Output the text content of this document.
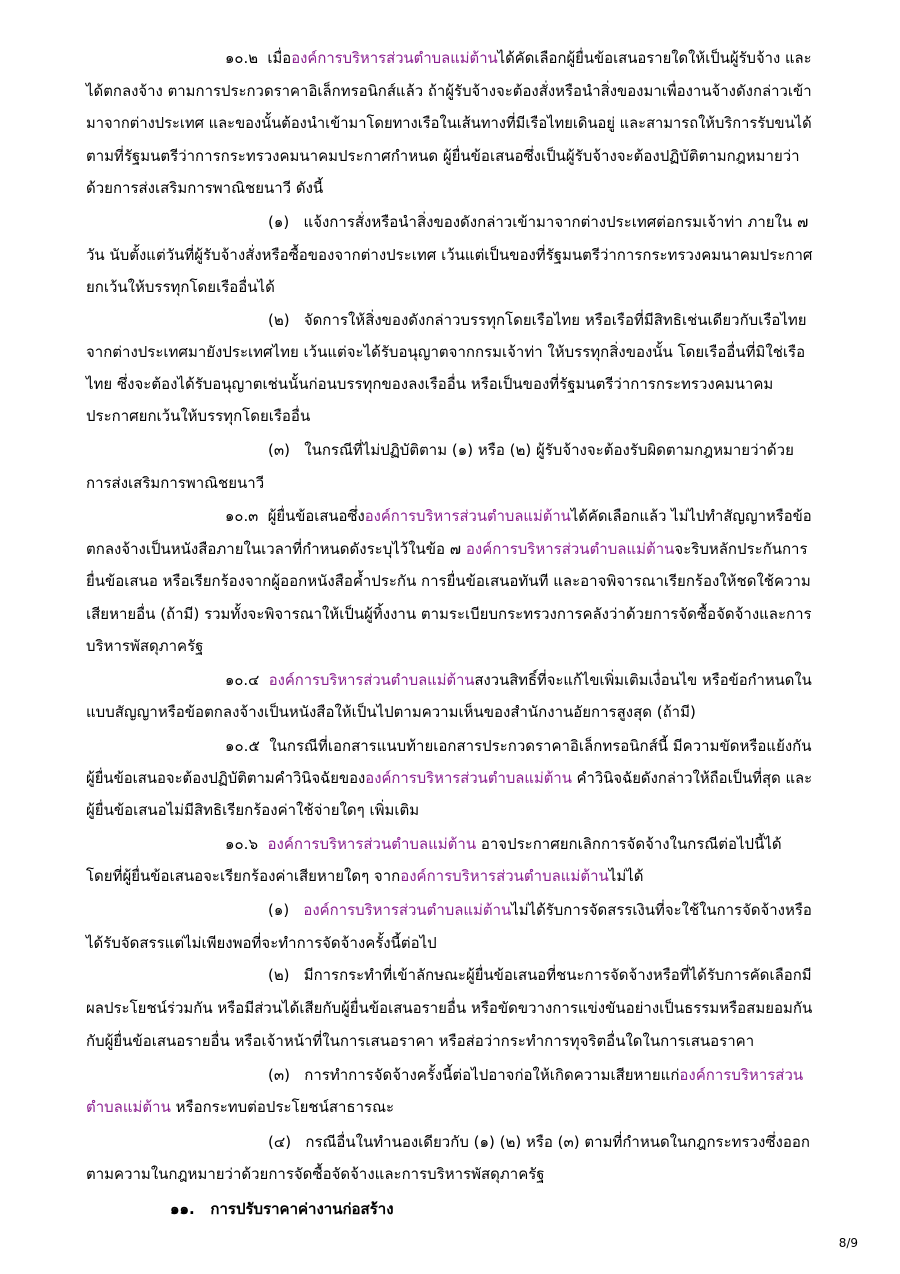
๑๐.๒  เมื่อองค์การบริหารส่วนตำบลแม่ต้านได้คัดเลือกผู้ยื่นข้อเสนอรายใดให้เป็นผู้รับจ้าง และ
ได้ตกลงจ้าง ตามการประกวดราคาอิเล็กทรอนิกส์แล้ว ถ้าผู้รับจ้างจะต้องสั่งหรือนำสิ่งของมาเพื่องานจ้างดังกล่าวเข้า
มาจากต่างประเทศ และของนั้นต้องนำเข้ามาโดยทางเรือในเส้นทางที่มีเรือไทยเดินอยู่ และสามารถให้บริการรับขนได้
ตามที่รัฐมนตรีว่าการกระทรวงคมนาคมประกาศกำหนด ผู้ยื่นข้อเสนอซึ่งเป็นผู้รับจ้างจะต้องปฏิบัติตามกฎหมายว่า
ด้วยการส่งเสริมการพาณิชยนาวี ดังนี้
(๑)   แจ้งการสั่งหรือนำสิ่งของดังกล่าวเข้ามาจากต่างประเทศต่อกรมเจ้าท่า ภายใน ๗
วัน นับตั้งแต่วันที่ผู้รับจ้างสั่งหรือซื้อของจากต่างประเทศ เว้นแต่เป็นของที่รัฐมนตรีว่าการกระทรวงคมนาคมประกาศ
ยกเว้นให้บรรทุกโดยเรืออื่นได้
(๒)   จัดการให้สิ่งของดังกล่าวบรรทุกโดยเรือไทย หรือเรือที่มีสิทธิเช่นเดียวกับเรือไทย
จากต่างประเทศมายังประเทศไทย เว้นแต่จะได้รับอนุญาตจากกรมเจ้าท่า ให้บรรทุกสิ่งของนั้น โดยเรืออื่นที่มิใช่เรือ
ไทย ซึ่งจะต้องได้รับอนุญาตเช่นนั้นก่อนบรรทุกของลงเรืออื่น หรือเป็นของที่รัฐมนตรีว่าการกระทรวงคมนาคม
ประกาศยกเว้นให้บรรทุกโดยเรืออื่น
(๓)   ในกรณีที่ไม่ปฏิบัติตาม (๑) หรือ (๒) ผู้รับจ้างจะต้องรับผิดตามกฎหมายว่าด้วย
การส่งเสริมการพาณิชยนาวี
๑๐.๓  ผู้ยื่นข้อเสนอซึ่งองค์การบริหารส่วนตำบลแม่ต้านได้คัดเลือกแล้ว ไม่ไปทำสัญญาหรือข้อ
ตกลงจ้างเป็นหนังสือภายในเวลาที่กำหนดดังระบุไว้ในข้อ ๗ องค์การบริหารส่วนตำบลแม่ต้านจะริบหลักประกันการ
ยื่นข้อเสนอ หรือเรียกร้องจากผู้ออกหนังสือค้ำประกัน การยื่นข้อเสนอทันที และอาจพิจารณาเรียกร้องให้ชดใช้ความ
เสียหายอื่น (ถ้ามี) รวมทั้งจะพิจารณาให้เป็นผู้ทิ้งงาน ตามระเบียบกระทรวงการคลังว่าด้วยการจัดซื้อจัดจ้างและการ
บริหารพัสดุภาครัฐ
๑๐.๔  องค์การบริหารส่วนตำบลแม่ต้านสงวนสิทธิ์ที่จะแก้ไขเพิ่มเติมเงื่อนไข หรือข้อกำหนดใน
แบบสัญญาหรือข้อตกลงจ้างเป็นหนังสือให้เป็นไปตามความเห็นของสำนักงานอัยการสูงสุด (ถ้ามี)
๑๐.๕  ในกรณีที่เอกสารแนบท้ายเอกสารประกวดราคาอิเล็กทรอนิกส์นี้ มีความขัดหรือแย้งกัน
ผู้ยื่นข้อเสนอจะต้องปฏิบัติตามคำวินิจฉัยขององค์การบริหารส่วนตำบลแม่ต้าน คำวินิจฉัยดังกล่าวให้ถือเป็นที่สุด และ
ผู้ยื่นข้อเสนอไม่มีสิทธิเรียกร้องค่าใช้จ่ายใดๆ เพิ่มเติม
๑๐.๖  องค์การบริหารส่วนตำบลแม่ต้าน อาจประกาศยกเลิกการจัดจ้างในกรณีต่อไปนี้ได้
โดยที่ผู้ยื่นข้อเสนอจะเรียกร้องค่าเสียหายใดๆ จากองค์การบริหารส่วนตำบลแม่ต้านไม่ได้
(๑)   องค์การบริหารส่วนตำบลแม่ต้านไม่ได้รับการจัดสรรเงินที่จะใช้ในการจัดจ้างหรือ
ได้รับจัดสรรแต่ไม่เพียงพอที่จะทำการจัดจ้างครั้งนี้ต่อไป
(๒)   มีการกระทำที่เข้าลักษณะผู้ยื่นข้อเสนอที่ชนะการจัดจ้างหรือที่ได้รับการคัดเลือกมี
ผลประโยชน์ร่วมกัน หรือมีส่วนได้เสียกับผู้ยื่นข้อเสนอรายอื่น หรือขัดขวางการแข่งขันอย่างเป็นธรรมหรือสมยอมกัน
กับผู้ยื่นข้อเสนอรายอื่น หรือเจ้าหน้าที่ในการเสนอราคา หรือส่อว่ากระทำการทุจริตอื่นใดในการเสนอราคา
(๓)   การทำการจัดจ้างครั้งนี้ต่อไปอาจก่อให้เกิดความเสียหายแก่องค์การบริหารส่วน
ตำบลแม่ต้าน หรือกระทบต่อประโยชน์สาธารณะ
(๔)   กรณีอื่นในทำนองเดียวกับ (๑) (๒) หรือ (๓) ตามที่กำหนดในกฎกระทรวงซึ่งออก
ตามความในกฎหมายว่าด้วยการจัดซื้อจัดจ้างและการบริหารพัสดุภาครัฐ
๑๑.   การปรับราคาค่างานก่อสร้าง
8/9
